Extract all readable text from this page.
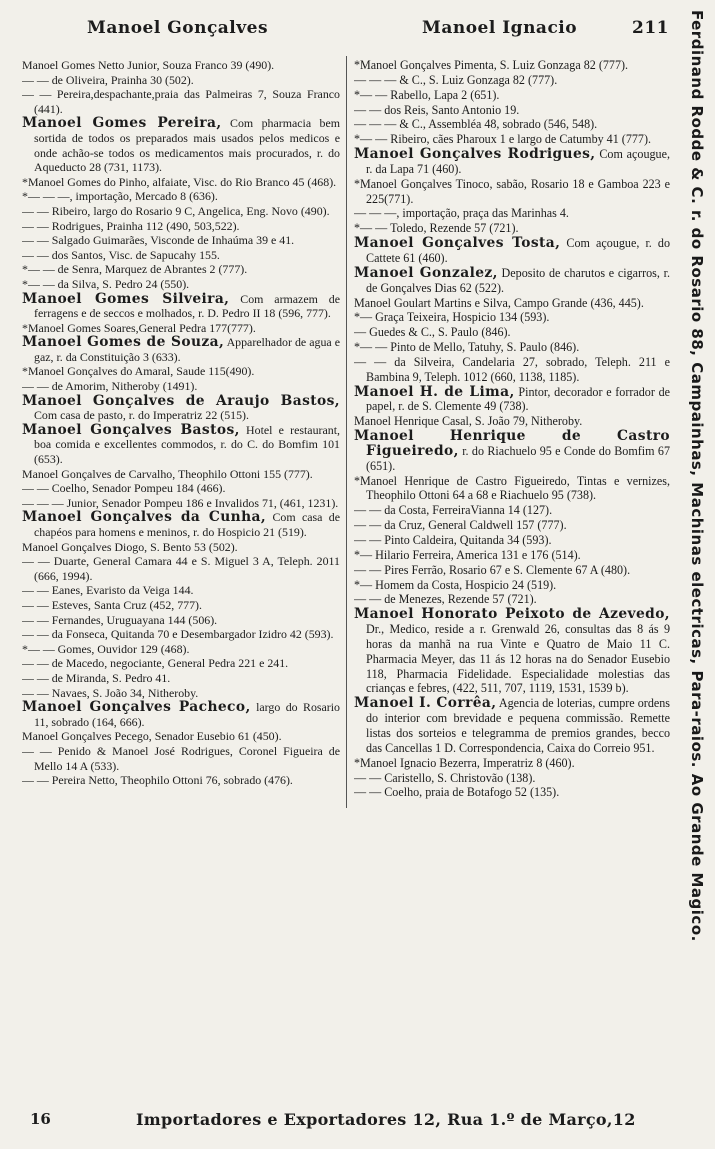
Manoel Gonçalves	Manoel Ignacio	211

Manoel Gomes Netto Junior, Souza Franco 39 (490).

— — de Oliveira, Prainha 30 (502).

— — Pereira,despachante,praia das Palmeiras 7, Souza Franco (441).

Manoel Gomes Pereira, Com pharmacia bem sortida de todos os preparados mais usados pelos medicos e onde achão-se todos os medicamentos mais procurados, r. do Aqueducto 28 (731, 1173).

*Manoel Gomes do Pinho, alfaiate, Visc. do Rio Branco 45 (468).

*— — —, importação, Mercado 8 (636).

— — Ribeiro, largo do Rosario 9 C, Angelica, Eng. Novo (490).

— — Rodrigues, Prainha 112 (490, 503,522).

— — Salgado Guimarães, Visconde de Inhaúma 39 e 41.

— — dos Santos, Visc. de Sapucahy 155.

*— — de Senra, Marquez de Abrantes 2 (777).

*— — da Silva, S. Pedro 24 (550).

Manoel Gomes Silveira, Com armazem de ferragens e de seccos e molhados, r. D. Pedro II 18 (596, 777).

*Manoel Gomes Soares,General Pedra 177(777).

Manoel Gomes de Souza, Apparelhador de agua e gaz, r. da Constituição 3 (633).

*Manoel Gonçalves do Amaral, Saude 115(490).

— — de Amorim, Nitheroby (1491).

Manoel Gonçalves de Araujo Bastos, Com casa de pasto, r. do Imperatriz 22 (515).

Manoel Gonçalves Bastos, Hotel e restaurant, boa comida e excellentes commodos, r. do C. do Bomfim 101 (653).

Manoel Gonçalves de Carvalho, Theophilo Ottoni 155 (777).

— — Coelho, Senador Pompeu 184 (466).

— — — Junior, Senador Pompeu 186 e Invalidos 71, (461, 1231).

Manoel Gonçalves da Cunha, Com casa de chapéos para homens e meninos, r. do Hospicio 21 (519).

Manoel Gonçalves Diogo, S. Bento 53 (502).

— — Duarte, General Camara 44 e S. Miguel 3 A, Teleph. 2011 (666, 1994).

— — Eanes, Evaristo da Veiga 144.

— — Esteves, Santa Cruz (452, 777).

— — Fernandes, Uruguayana 144 (506).

— — da Fonseca, Quitanda 70 e Desembargador Izidro 42 (593).

*— — Gomes, Ouvidor 129 (468).

— — de Macedo, negociante, General Pedra 221 e 241.

— — de Miranda, S. Pedro 41.

— — Navaes, S. João 34, Nitheroby.

Manoel Gonçalves Pacheco, largo do Rosario 11, sobrado (164, 666).

Manoel Gonçalves Pecego, Senador Eusebio 61 (450).

— — Penido & Manoel José Rodrigues, Coronel Figueira de Mello 14 A (533).

— — Pereira Netto, Theophilo Ottoni 76, sobrado (476).

*Manoel Gonçalves Pimenta, S. Luiz Gonzaga 82 (777).

— — — & C., S. Luiz Gonzaga 82 (777).

*— — Rabello, Lapa 2 (651).

— — dos Reis, Santo Antonio 19.

— — — & C., Assembléa 48, sobrado (546, 548).

*— — Ribeiro, cães Pharoux 1 e largo de Catumby 41 (777).

Manoel Gonçalves Rodrigues, Com açougue, r. da Lapa 71 (460).

*Manoel Gonçalves Tinoco, sabão, Rosario 18 e Gamboa 223 e 225(771).

— — —, importação, praça das Marinhas 4.

*— — Toledo, Rezende 57 (721).

Manoel Gonçalves Tosta, Com açougue, r. do Cattete 61 (460).

Manoel Gonzalez, Deposito de charutos e cigarros, r. de Gonçalves Dias 62 (522).

Manoel Goulart Martins e Silva, Campo Grande (436, 445).

*— Graça Teixeira, Hospicio 134 (593).

— Guedes & C., S. Paulo (846).

*— — Pinto de Mello, Tatuhy, S. Paulo (846).

— — da Silveira, Candelaria 27, sobrado, Teleph. 211 e Bambina 9, Teleph. 1012 (660, 1138, 1185).

Manoel H. de Lima, Pintor, decorador e forrador de papel, r. de S. Clemente 49 (738).

Manoel Henrique Casal, S. João 79, Nitheroby.

Manoel Henrique de Castro Figueiredo, r. do Riachuelo 95 e Conde do Bomfim 67 (651).

*Manoel Henrique de Castro Figueiredo, Tintas e vernizes, Theophilo Ottoni 64 a 68 e Riachuelo 95 (738).

— — da Costa, FerreiraVianna 14 (127).

— — da Cruz, General Caldwell 157 (777).

— — Pinto Caldeira, Quitanda 34 (593).

*— Hilario Ferreira, America 131 e 176 (514).

— — Pires Ferrão, Rosario 67 e S. Clemente 67 A (480).

*— Homem da Costa, Hospicio 24 (519).

— — de Menezes, Rezende 57 (721).

Manoel Honorato Peixoto de Azevedo, Dr., Medico, reside a r. Grenwald 26, consultas das 8 ás 9 horas da manhã na rua Vinte e Quatro de Maio 11 C. Pharmacia Meyer, das 11 ás 12 horas na do Senador Eusebio 118, Pharmacia Fidelidade. Especialidade molestias das crianças e febres, (422, 511, 707, 1119, 1531, 1539 b).

Manoel I. Corrêa, Agencia de loterias, cumpre ordens do interior com brevidade e pequena commissão. Remette listas dos sorteios e telegramma de premios grandes, becco das Cancellas 1 D. Correspondencia, Caixa do Correio 951.

*Manoel Ignacio Bezerra, Imperatriz 8 (460).

— — Caristello, S. Christovão (138).

— — Coelho, praia de Botafogo 52 (135).	Ferdinand Rodde & C. r. do Rosario 88, Campainhas, Machinas electricas, Para-raios. Ao Grande Magico.
16	Importadores e Exportadores 12, Rua 1.º de Março,12
